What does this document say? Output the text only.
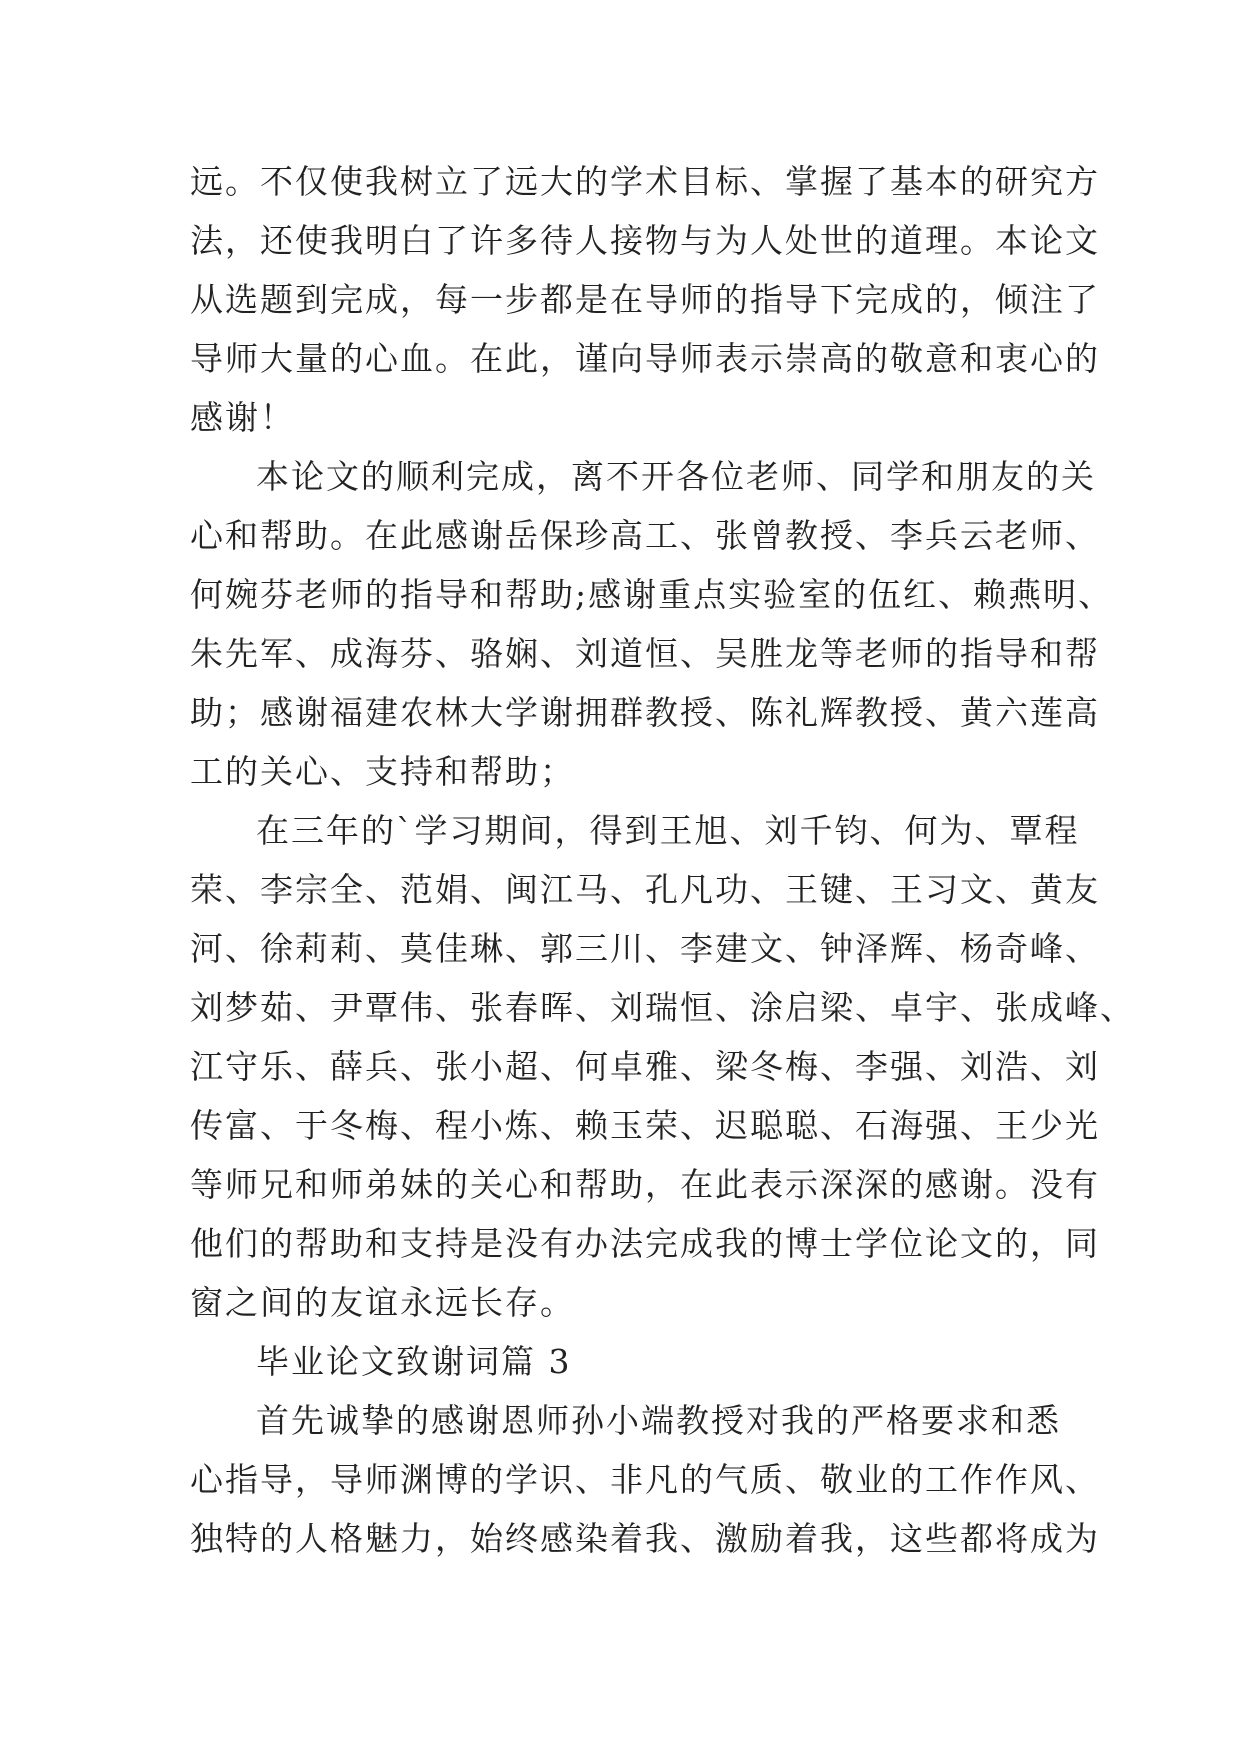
远。不仅使我树立了远大的学术目标、掌握了基本的研究方
法，还使我明白了许多待人接物与为人处世的道理。本论文
从选题到完成，每一步都是在导师的指导下完成的，倾注了
导师大量的心血。在此，谨向导师表示崇高的敬意和衷心的
感谢！
本论文的顺利完成，离不开各位老师、同学和朋友的关
心和帮助。在此感谢岳保珍高工、张曾教授、李兵云老师、
何婉芬老师的指导和帮助;感谢重点实验室的伍红、赖燕明、
朱先军、成海芬、骆娴、刘道恒、吴胜龙等老师的指导和帮
助；感谢福建农林大学谢拥群教授、陈礼辉教授、黄六莲高
工的关心、支持和帮助；
在三年的`学习期间，得到王旭、刘千钧、何为、覃程
荣、李宗全、范娟、闽江马、孔凡功、王键、王习文、黄友
河、徐莉莉、莫佳琳、郭三川、李建文、钟泽辉、杨奇峰、
刘梦茹、尹覃伟、张春晖、刘瑞恒、涂启梁、卓宇、张成峰、
江守乐、薛兵、张小超、何卓雅、梁冬梅、李强、刘浩、刘
传富、于冬梅、程小炼、赖玉荣、迟聪聪、石海强、王少光
等师兄和师弟妹的关心和帮助，在此表示深深的感谢。没有
他们的帮助和支持是没有办法完成我的博士学位论文的，同
窗之间的友谊永远长存。
毕业论文致谢词篇 3
首先诚挚的感谢恩师孙小端教授对我的严格要求和悉
心指导，导师渊博的学识、非凡的气质、敬业的工作作风、
独特的人格魅力，始终感染着我、激励着我，这些都将成为
